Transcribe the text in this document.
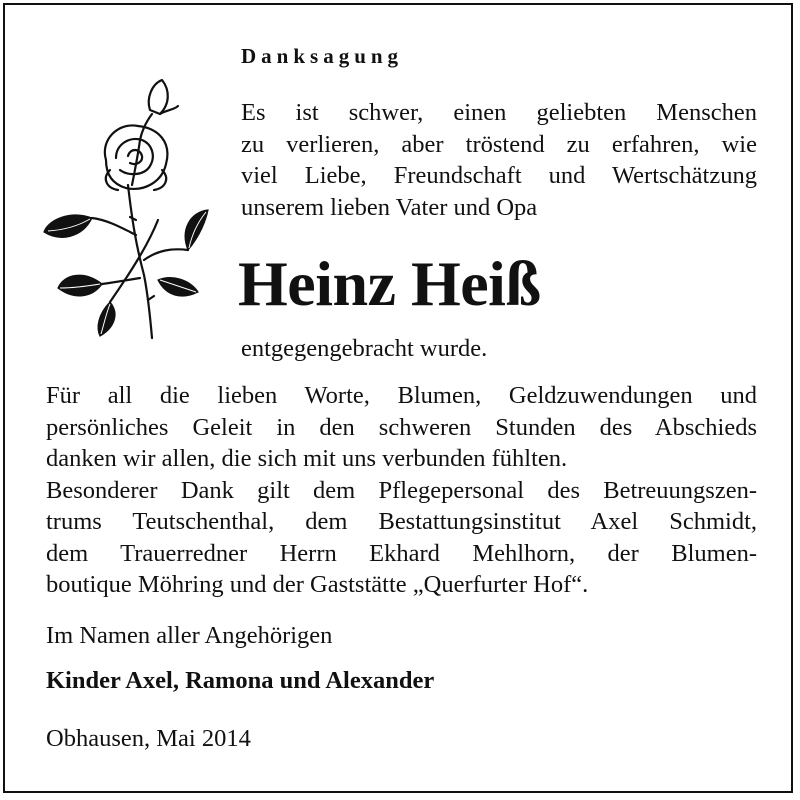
Danksagung
Es ist schwer, einen geliebten Menschen
zu verlieren, aber tröstend zu erfahren, wie
viel Liebe, Freundschaft und Wertschätzung
unserem lieben Vater und Opa
Heinz Heiß
entgegengebracht wurde.
Für all die lieben Worte, Blumen, Geldzuwendungen und
persönliches Geleit in den schweren Stunden des Abschieds
danken wir allen, die sich mit uns verbunden fühlten.
Besonderer Dank gilt dem Pflegepersonal des Betreuungszen-
trums Teutschenthal, dem Bestattungsinstitut Axel Schmidt,
dem Trauerredner Herrn Ekhard Mehlhorn, der Blumen-
boutique Möhring und der Gaststätte „Querfurter Hof“.
Im Namen aller Angehörigen
Kinder Axel, Ramona und Alexander
Obhausen, Mai 2014
